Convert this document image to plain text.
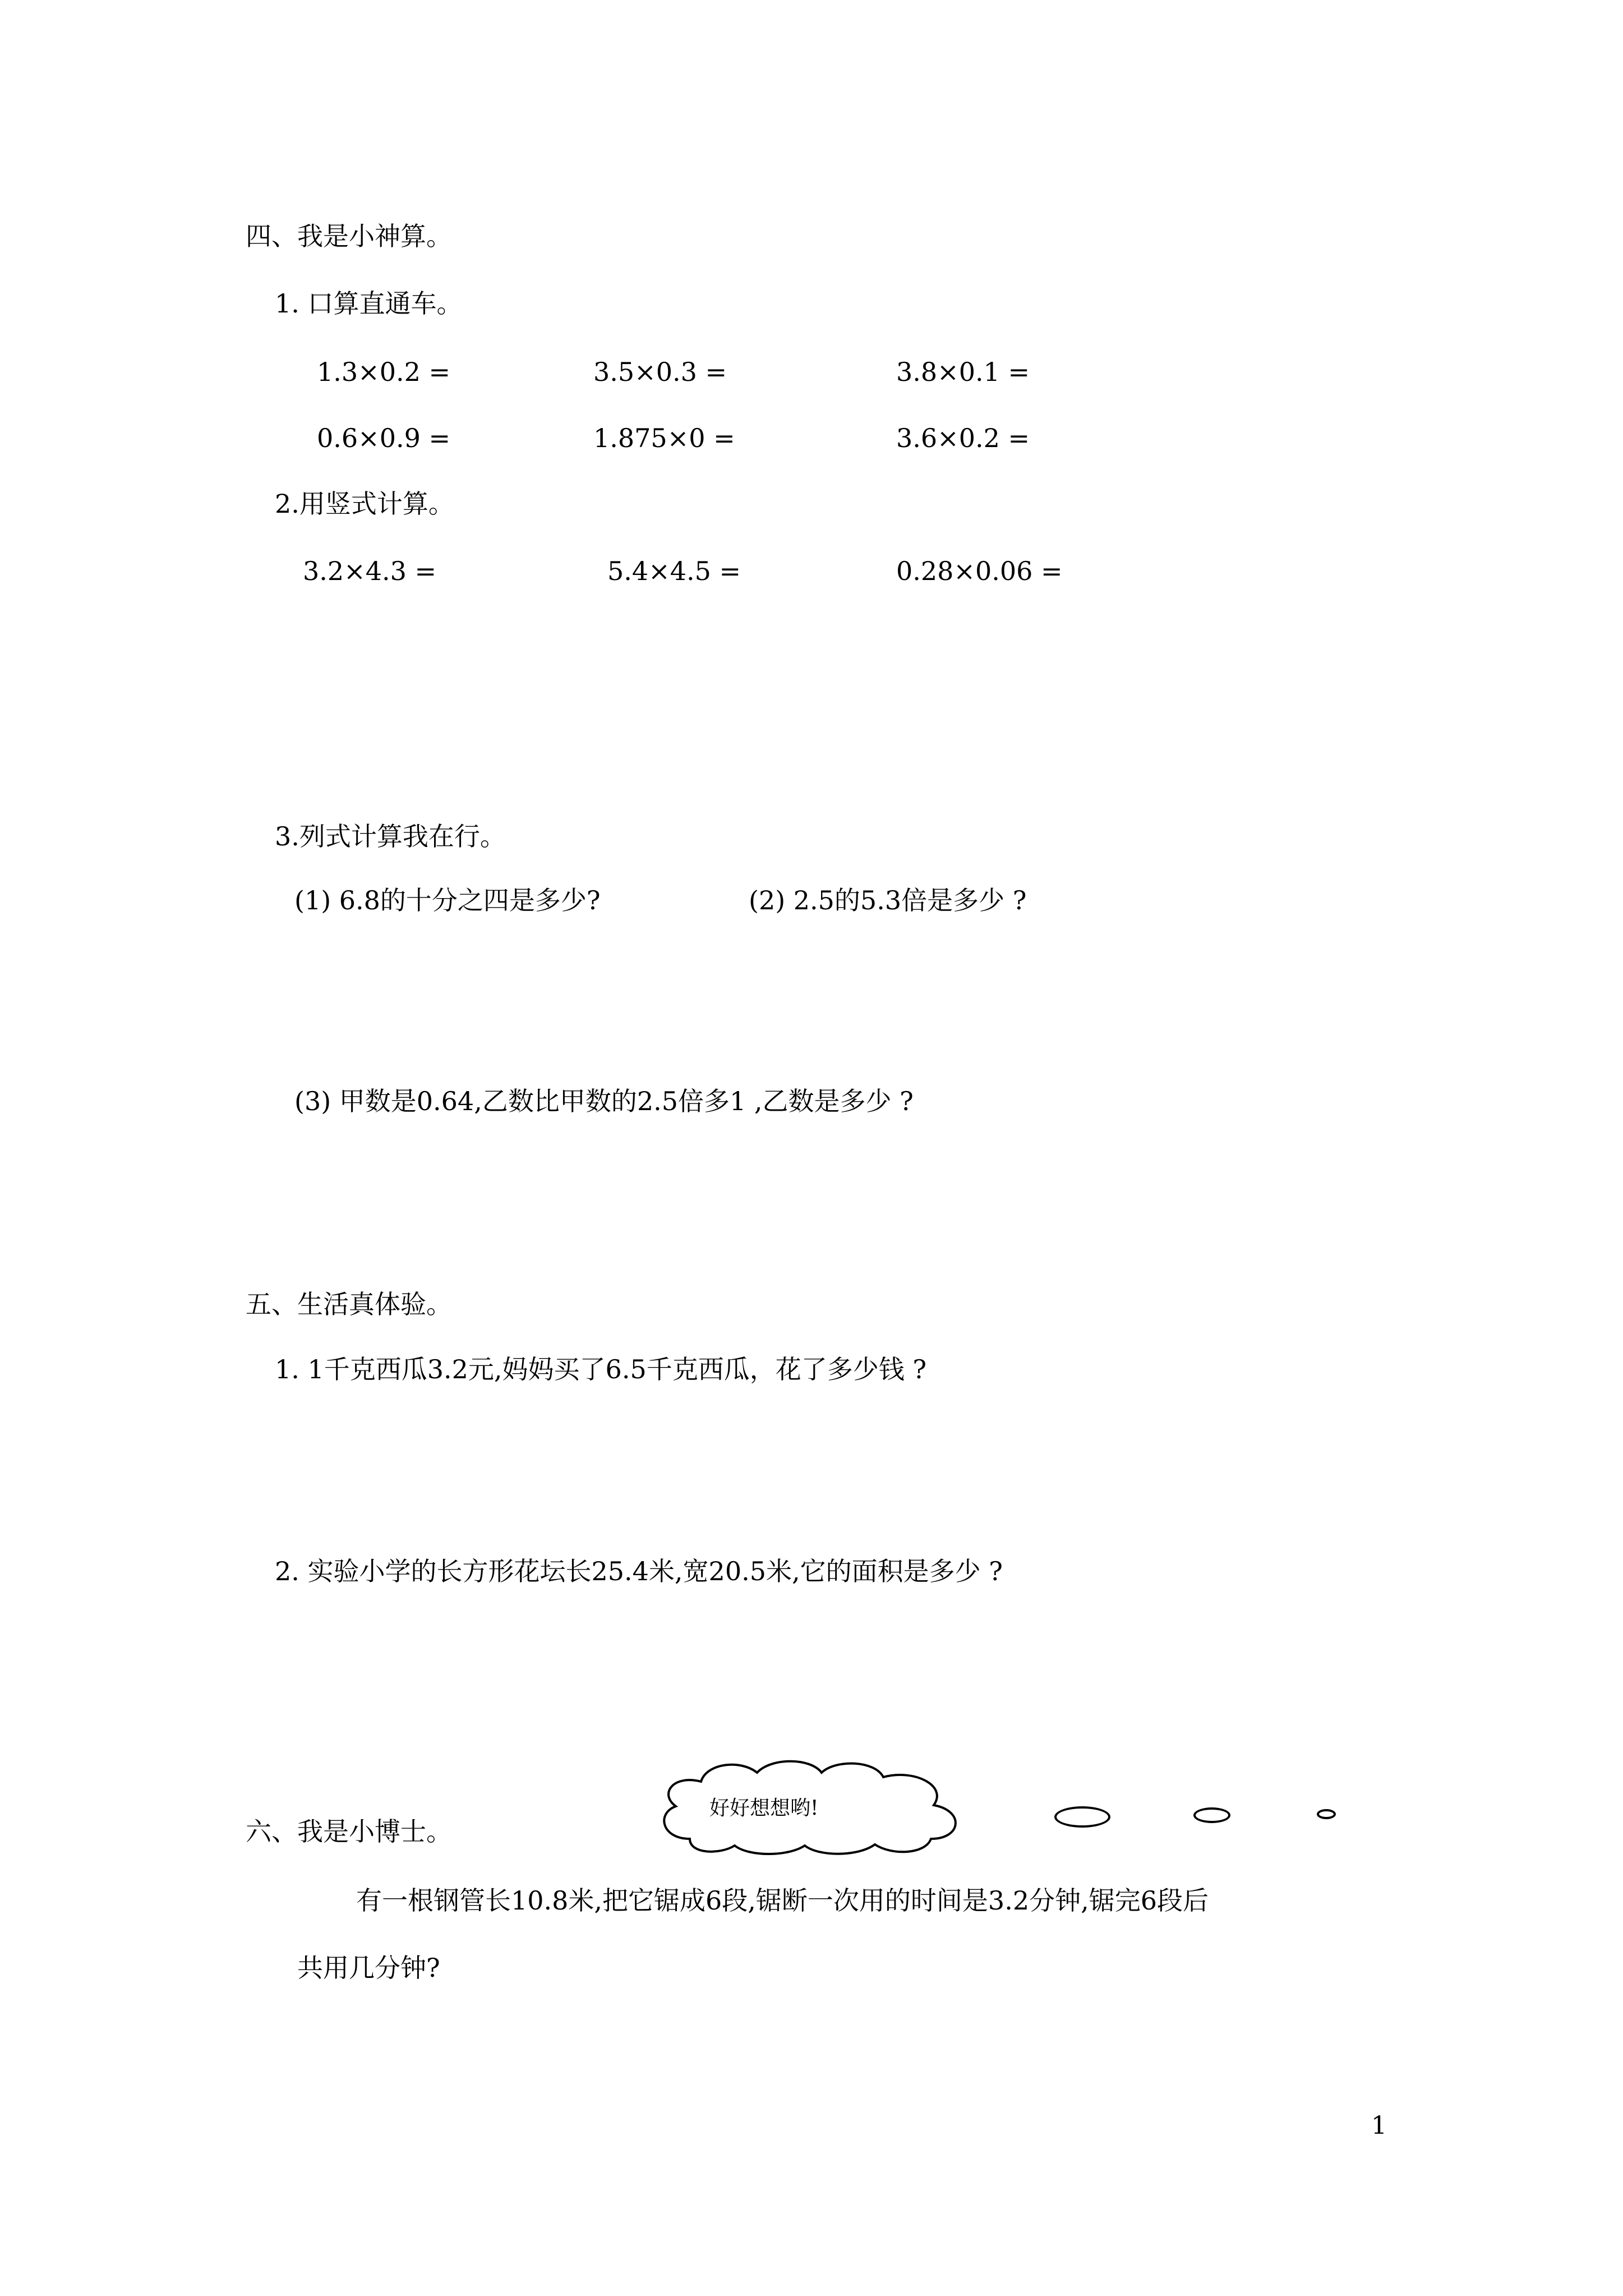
四、我是小神算。
1. 口算直通车。
1.3×0.2 =	3.5×0.3 =	3.8×0.1 =
0.6×0.9 =	1.875×0 =	3.6×0.2 =
2.用竖式计算。
3.2×4.3 =	5.4×4.5 =	0.28×0.06 =
3.列式计算我在行。
(1) 6.8的十分之四是多少?	(2) 2.5的5.3倍是多少 ?
(3) 甲数是0.64,乙数比甲数的2.5倍多1 ,乙数是多少 ?
五、生活真体验。
1. 1千克西瓜3.2元,妈妈买了6.5千克西瓜，花了多少钱 ?
2. 实验小学的长方形花坛长25.4米,宽20.5米,它的面积是多少 ?
六、我是小博士。
好好想想哟!
有一根钢管长10.8米,把它锯成6段,锯断一次用的时间是3.2分钟,锯完6段后
共用几分钟?
1
